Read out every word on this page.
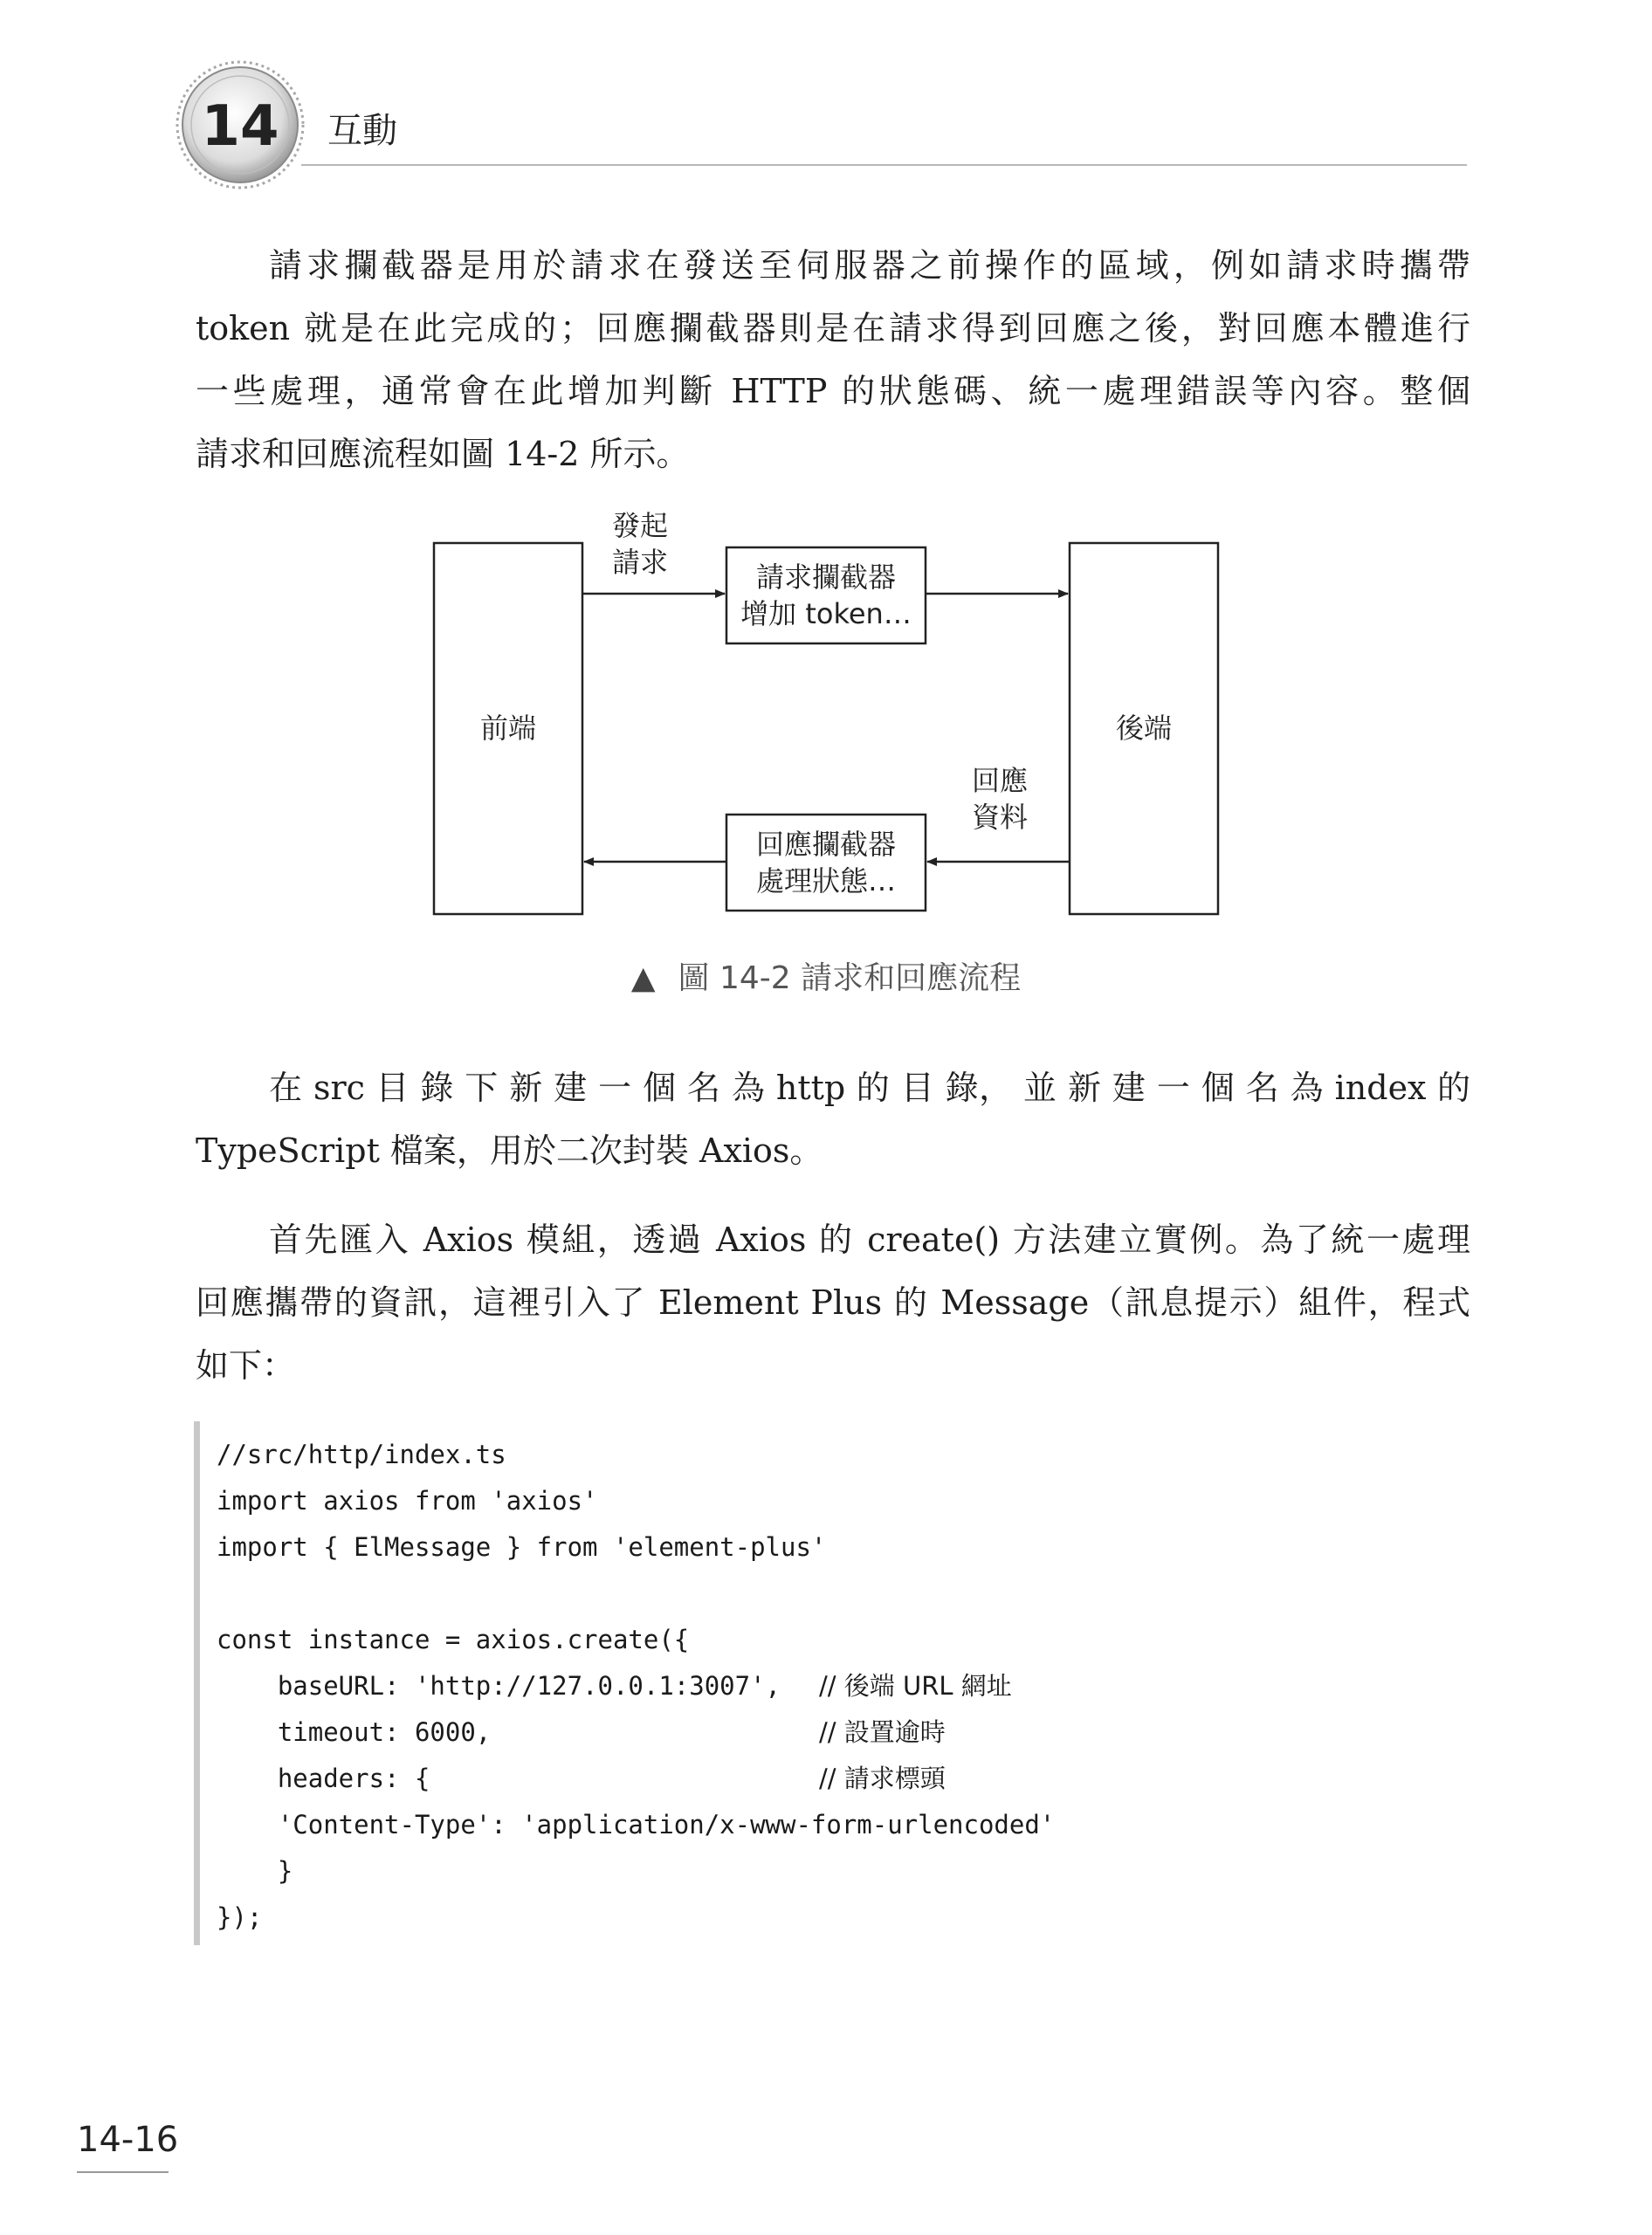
14 互動

請求攔截器是用於請求在發送至伺服器之前操作的區域，例如請求時攜帶
token 就是在此完成的；回應攔截器則是在請求得到回應之後，對回應本體進行
一些處理，通常會在此增加判斷 HTTP 的狀態碼、統一處理錯誤等內容。整個
請求和回應流程如圖 14-2 所示。

前端	後端
發起
請求	請求攔截器
增加 token…
回應
資料
回應攔截器
處理狀態…
▲ 圖 14-2 請求和回應流程

在 src 目 錄 下 新 建 一 個 名 為 http 的 目 錄， 並 新 建 一 個 名 為 index 的
TypeScript 檔案，用於二次封裝 Axios。

首先匯入 Axios 模組，透過 Axios 的 create() 方法建立實例。為了統一處理
回應攜帶的資訊，這裡引入了 Element Plus 的 Message（訊息提示）組件，程式
如下：

//src/http/index.ts
import axios from 'axios'
import { ElMessage } from 'element-plus'
const instance = axios.create({
baseURL: 'http://127.0.0.1:3007', // 後端 URL 網址
timeout: 6000,	// 設置逾時
headers: {	// 請求標頭
'Content-Type': 'application/x-www-form-urlencoded'
}
});
14-16
